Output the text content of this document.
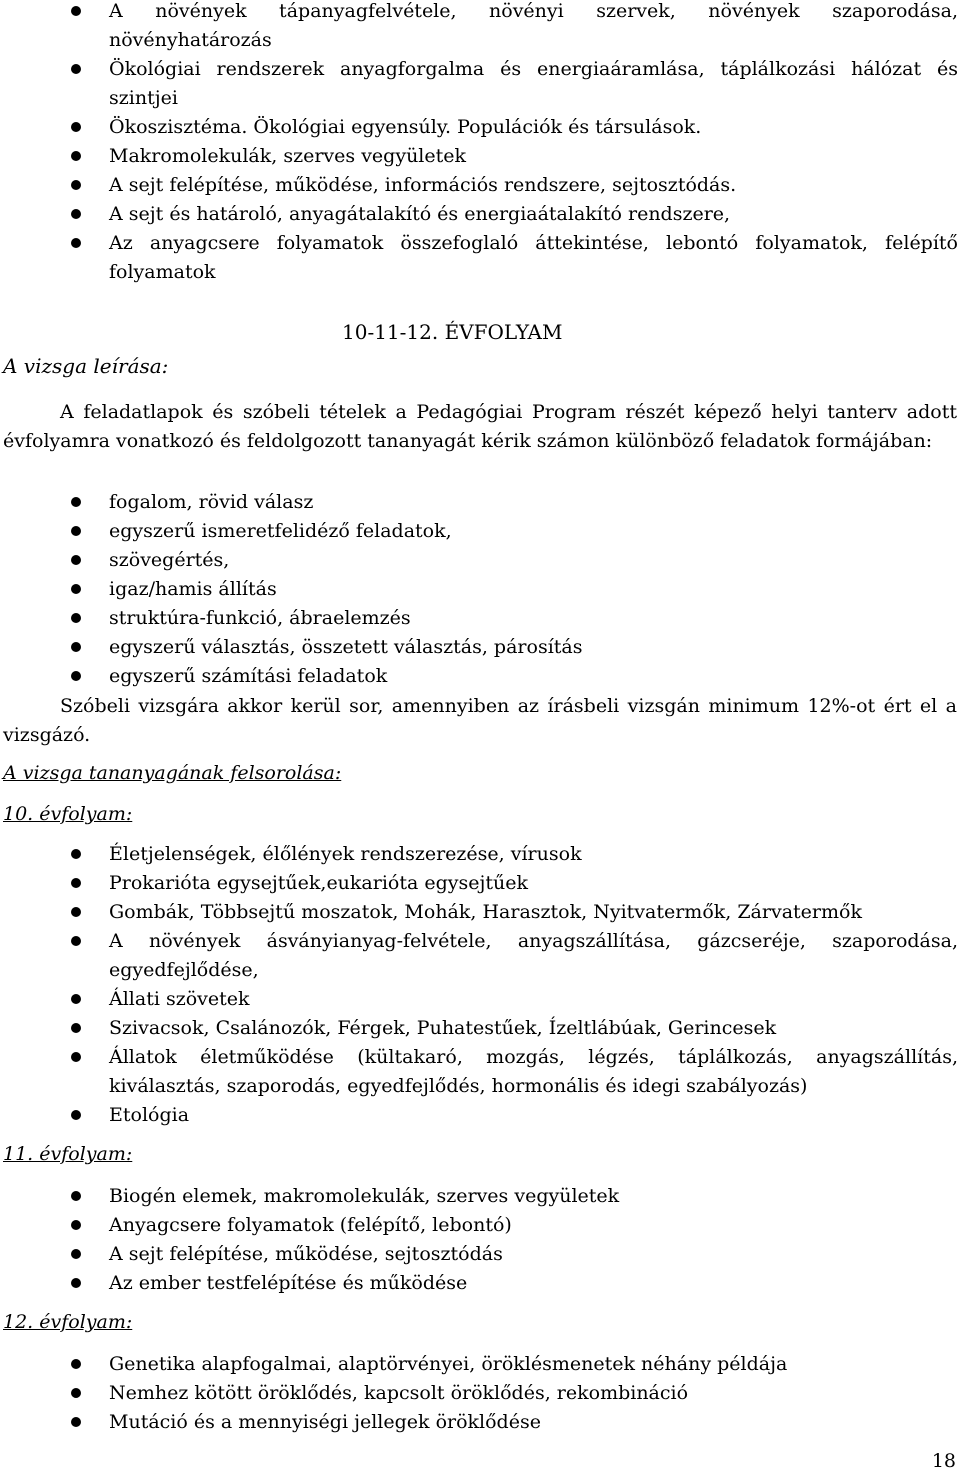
A növények tápanyagfelvétele, növényi szervek, növények szaporodása, növényhatározás
Ökológiai rendszerek anyagforgalma és energiaáramlása, táplálkozási hálózat és szintjei
Ökoszisztéma. Ökológiai egyensúly. Populációk és társulások.
Makromolekulák, szerves vegyületek
A sejt felépítése, működése, információs rendszere, sejtosztódás.
A sejt és határoló, anyagátalakító és energiaátalakító rendszere,
Az anyagcsere folyamatok összefoglaló áttekintése, lebontó folyamatok, felépítő folyamatok
10-11-12. ÉVFOLYAM
A vizsga leírása:
A feladatlapok és szóbeli tételek a Pedagógiai Program részét képező helyi tanterv adott évfolyamra vonatkozó és feldolgozott tananyagát kérik számon különböző feladatok formájában:
fogalom, rövid válasz
egyszerű ismeretfelidéző feladatok,
szövegértés,
igaz/hamis állítás
struktúra-funkció, ábraelemzés
egyszerű választás, összetett választás, párosítás
egyszerű számítási feladatok
Szóbeli vizsgára akkor kerül sor, amennyiben az írásbeli vizsgán minimum 12%-ot ért el a vizsgázó.
A vizsga tananyagának felsorolása:
10. évfolyam:
Életjelenségek, élőlények rendszerezése, vírusok
Prokarióta egysejtűek,eukarióta egysejtűek
Gombák, Többsejtű moszatok, Mohák, Harasztok, Nyitvatermők, Zárvatermők
A növények ásványianyag-felvétele, anyagszállítása, gázcseréje, szaporodása, egyedfejlődése,
Állati szövetek
Szivacsok, Csalánozók, Férgek, Puhatestűek, Ízeltlábúak, Gerincesek
Állatok életműködése (kültakaró, mozgás, légzés, táplálkozás, anyagszállítás, kiválasztás, szaporodás, egyedfejlődés, hormonális és idegi szabályozás)
Etológia
11. évfolyam:
Biogén elemek, makromolekulák, szerves vegyületek
Anyagcsere folyamatok (felépítő, lebontó)
A sejt felépítése, működése, sejtosztódás
Az ember testfelépítése és működése
12. évfolyam:
Genetika alapfogalmai, alaptörvényei, öröklésmenetek néhány példája
Nemhez kötött öröklődés, kapcsolt öröklődés, rekombináció
Mutáció és a mennyiségi jellegek öröklődése
18
